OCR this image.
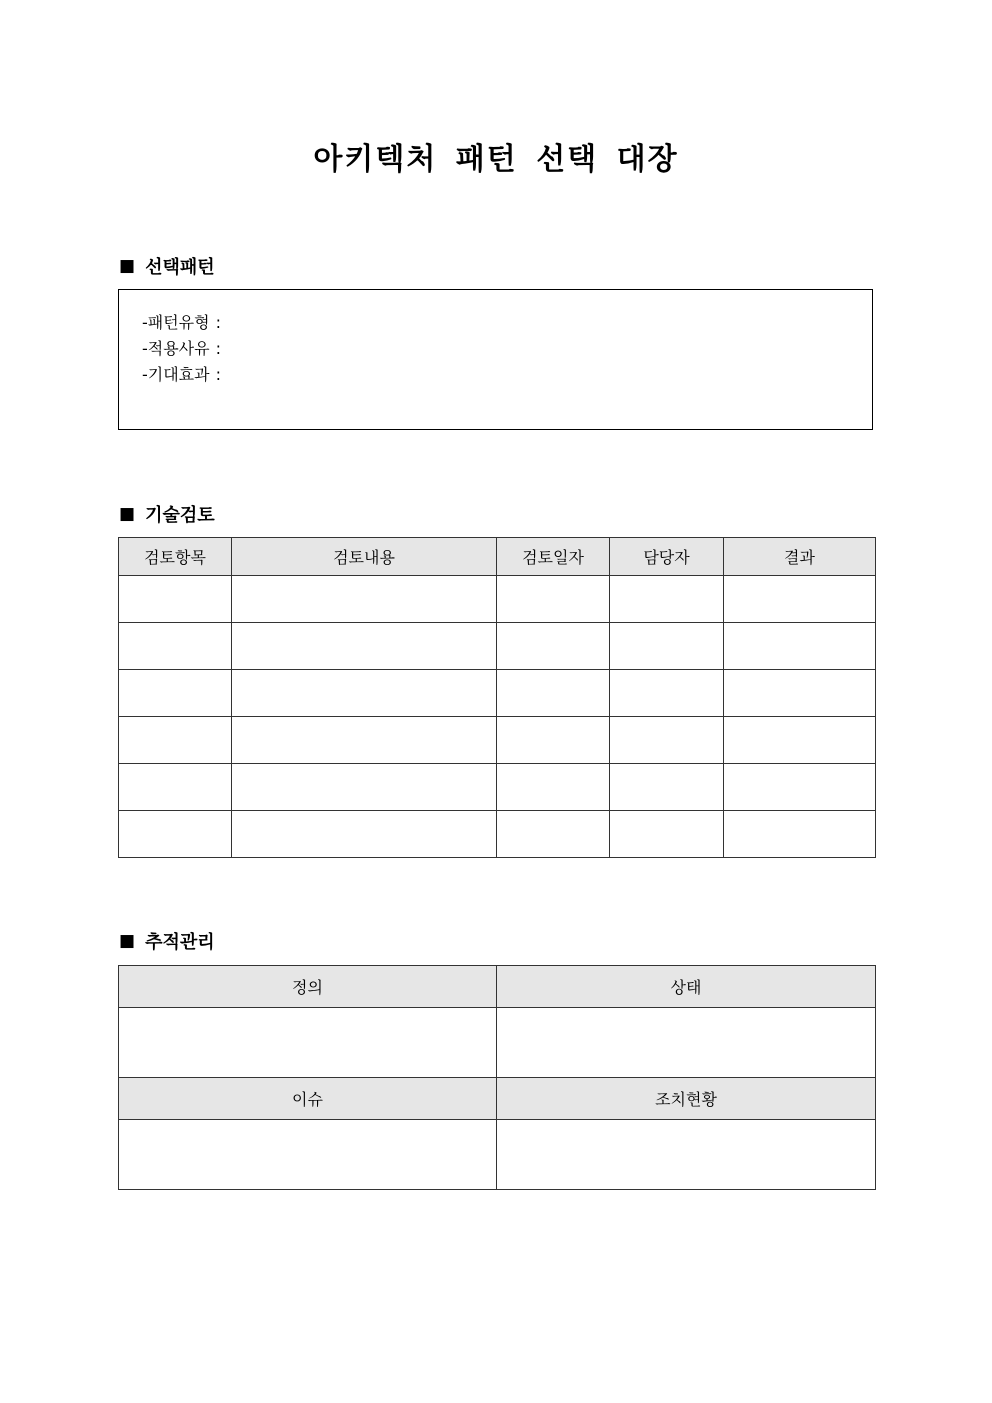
아키텍처 패턴 선택 대장
■ 선택패턴
-패턴유형 :
-적용사유 :
-기대효과 :
■ 기술검토
검토항목	검토내용	검토일자	담당자	결과

■ 추적관리
정의	상태

이슈	조치현황
